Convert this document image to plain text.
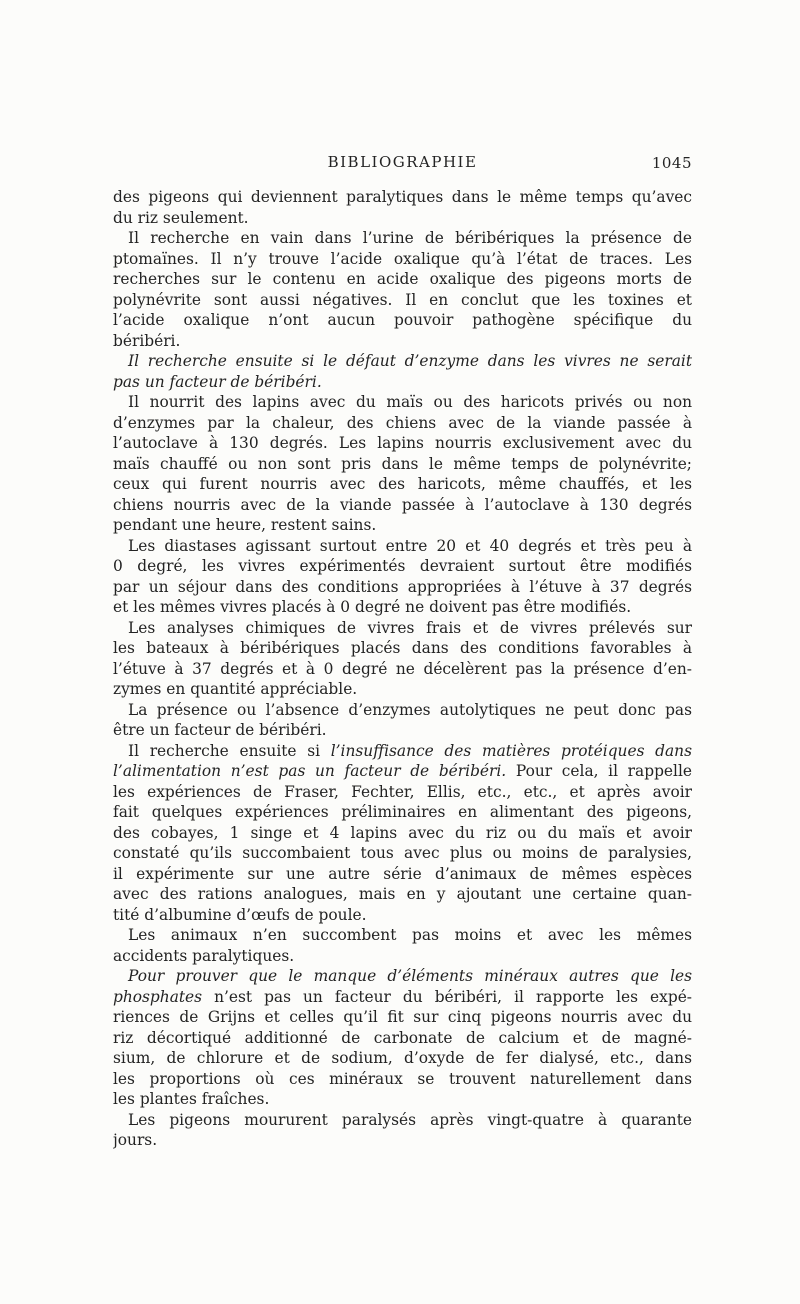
BIBLIOGRAPHIE	1045
des pigeons qui deviennent paralytiques dans le même temps qu’avec
du riz seulement.
Il recherche en vain dans l’urine de béribériques la présence de
ptomaïnes. Il n’y trouve l’acide oxalique qu’à l’état de traces. Les
recherches sur le contenu en acide oxalique des pigeons morts de
polynévrite sont aussi négatives. Il en conclut que les toxines et
l’acide oxalique n’ont aucun pouvoir pathogène spécifique du
béribéri.
Il recherche ensuite si le défaut d’enzyme dans les vivres ne serait
pas un facteur de béribéri.
Il nourrit des lapins avec du maïs ou des haricots privés ou non
d’enzymes par la chaleur, des chiens avec de la viande passée à
l’autoclave à 130 degrés. Les lapins nourris exclusivement avec du
maïs chauffé ou non sont pris dans le même temps de polynévrite;
ceux qui furent nourris avec des haricots, même chauffés, et les
chiens nourris avec de la viande passée à l’autoclave à 130 degrés
pendant une heure, restent sains.
Les diastases agissant surtout entre 20 et 40 degrés et très peu à
0 degré, les vivres expérimentés devraient surtout être modifiés
par un séjour dans des conditions appropriées à l’étuve à 37 degrés
et les mêmes vivres placés à 0 degré ne doivent pas être modifiés.
Les analyses chimiques de vivres frais et de vivres prélevés sur
les bateaux à béribériques placés dans des conditions favorables à
l’étuve à 37 degrés et à 0 degré ne décelèrent pas la présence d’en-
zymes en quantité appréciable.
La présence ou l’absence d’enzymes autolytiques ne peut donc pas
être un facteur de béribéri.
Il recherche ensuite si l’insuffisance des matières protéiques dans
l’alimentation n’est pas un facteur de béribéri. Pour cela, il rappelle
les expériences de Fraser, Fechter, Ellis, etc., etc., et après avoir
fait quelques expériences préliminaires en alimentant des pigeons,
des cobayes, 1 singe et 4 lapins avec du riz ou du maïs et avoir
constaté qu’ils succombaient tous avec plus ou moins de paralysies,
il expérimente sur une autre série d’animaux de mêmes espèces
avec des rations analogues, mais en y ajoutant une certaine quan-
tité d’albumine d’œufs de poule.
Les animaux n’en succombent pas moins et avec les mêmes
accidents paralytiques.
Pour prouver que le manque d’éléments minéraux autres que les
phosphates n’est pas un facteur du béribéri, il rapporte les expé-
riences de Grijns et celles qu’il fit sur cinq pigeons nourris avec du
riz décortiqué additionné de carbonate de calcium et de magné-
sium, de chlorure et de sodium, d’oxyde de fer dialysé, etc., dans
les proportions où ces minéraux se trouvent naturellement dans
les plantes fraîches.
Les pigeons moururent paralysés après vingt-quatre à quarante
jours.
